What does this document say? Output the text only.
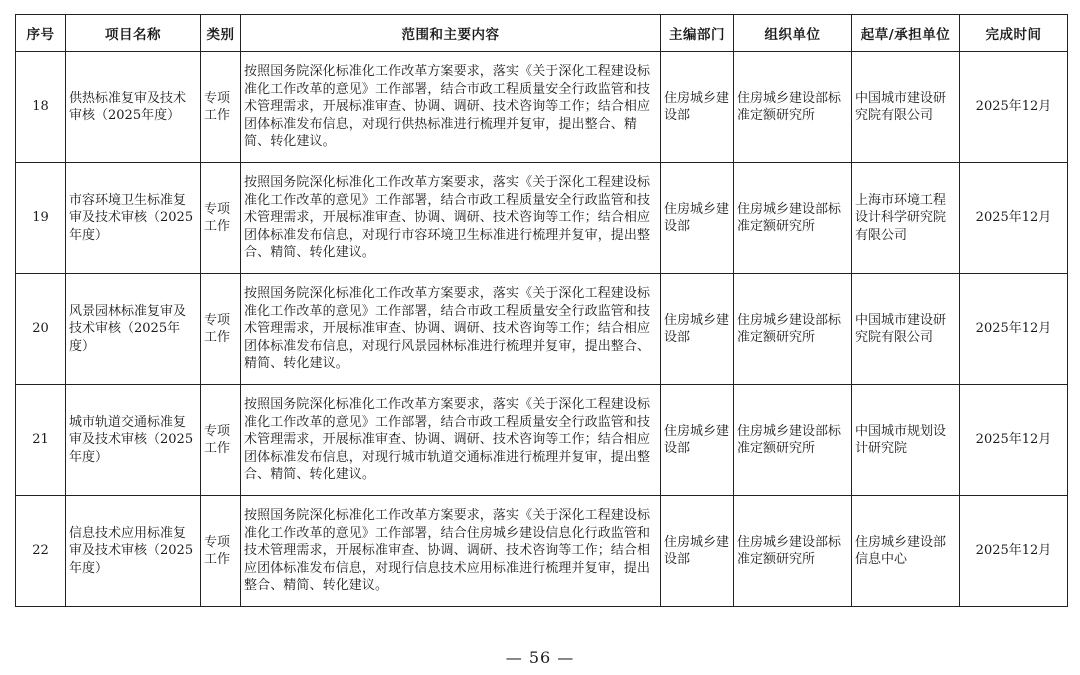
序号	项目名称	类别	范围和主要内容	主编部门	组织单位	起草/承担单位	完成时间
18	供热标准复审及技术审核（2025年度）	专项工作	按照国务院深化标准化工作改革方案要求，落实《关于深化工程建设标准化工作改革的意见》工作部署，结合市政工程质量安全行政监管和技术管理需求，开展标准审查、协调、调研、技术咨询等工作；结合相应团体标准发布信息，对现行供热标准进行梳理并复审，提出整合、精简、转化建议。	住房城乡建设部	住房城乡建设部标准定额研究所	中国城市建设研究院有限公司	2025年12月
19	市容环境卫生标准复审及技术审核（2025年度）	专项工作	按照国务院深化标准化工作改革方案要求，落实《关于深化工程建设标准化工作改革的意见》工作部署，结合市政工程质量安全行政监管和技术管理需求，开展标准审查、协调、调研、技术咨询等工作；结合相应团体标准发布信息，对现行市容环境卫生标准进行梳理并复审，提出整合、精简、转化建议。	住房城乡建设部	住房城乡建设部标准定额研究所	上海市环境工程设计科学研究院有限公司	2025年12月
20	风景园林标准复审及技术审核（2025年度）	专项工作	按照国务院深化标准化工作改革方案要求，落实《关于深化工程建设标准化工作改革的意见》工作部署，结合市政工程质量安全行政监管和技术管理需求，开展标准审查、协调、调研、技术咨询等工作；结合相应团体标准发布信息，对现行风景园林标准进行梳理并复审，提出整合、精简、转化建议。	住房城乡建设部	住房城乡建设部标准定额研究所	中国城市建设研究院有限公司	2025年12月
21	城市轨道交通标准复审及技术审核（2025年度）	专项工作	按照国务院深化标准化工作改革方案要求，落实《关于深化工程建设标准化工作改革的意见》工作部署，结合市政工程质量安全行政监管和技术管理需求，开展标准审查、协调、调研、技术咨询等工作；结合相应团体标准发布信息，对现行城市轨道交通标准进行梳理并复审，提出整合、精简、转化建议。	住房城乡建设部	住房城乡建设部标准定额研究所	中国城市规划设计研究院	2025年12月
22	信息技术应用标准复审及技术审核（2025年度）	专项工作	按照国务院深化标准化工作改革方案要求，落实《关于深化工程建设标准化工作改革的意见》工作部署，结合住房城乡建设信息化行政监管和技术管理需求，开展标准审查、协调、调研、技术咨询等工作；结合相应团体标准发布信息，对现行信息技术应用标准进行梳理并复审，提出整合、精简、转化建议。	住房城乡建设部	住房城乡建设部标准定额研究所	住房城乡建设部信息中心	2025年12月
— 56 —
